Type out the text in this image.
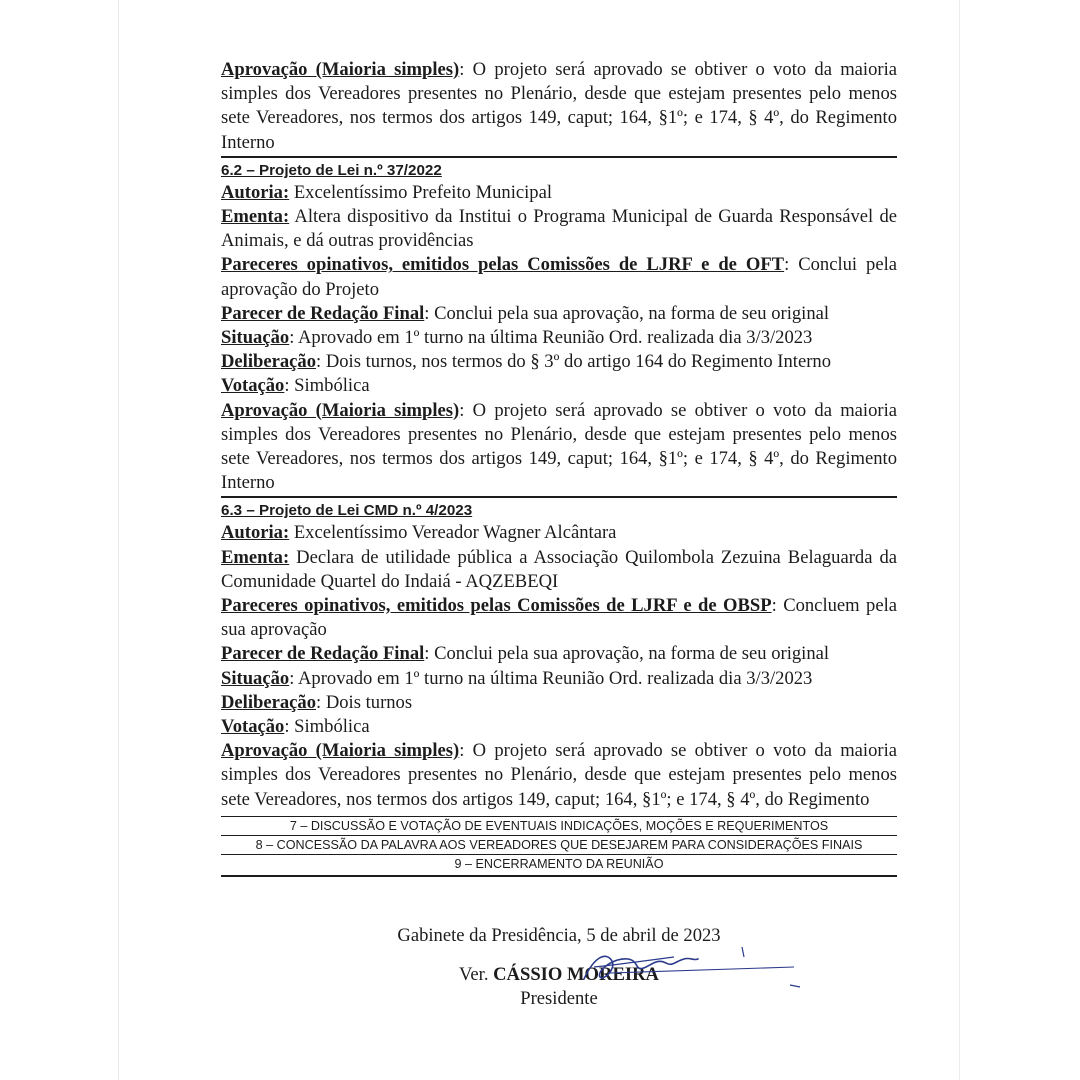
Aprovação (Maioria simples): O projeto será aprovado se obtiver o voto da maioria simples dos Vereadores presentes no Plenário, desde que estejam presentes pelo menos sete Vereadores, nos termos dos artigos 149, caput; 164, §1º; e 174, § 4º, do Regimento Interno

6.2 – Projeto de Lei n.º 37/2022

Autoria: Excelentíssimo Prefeito Municipal

Ementa: Altera dispositivo da Institui o Programa Municipal de Guarda Responsável de Animais, e dá outras providências

Pareceres opinativos, emitidos pelas Comissões de LJRF e de OFT: Conclui pela aprovação do Projeto

Parecer de Redação Final: Conclui pela sua aprovação, na forma de seu original

Situação: Aprovado em 1º turno na última Reunião Ord. realizada dia 3/3/2023

Deliberação: Dois turnos, nos termos do § 3º do artigo 164 do Regimento Interno

Votação: Simbólica

Aprovação (Maioria simples): O projeto será aprovado se obtiver o voto da maioria simples dos Vereadores presentes no Plenário, desde que estejam presentes pelo menos sete Vereadores, nos termos dos artigos 149, caput; 164, §1º; e 174, § 4º, do Regimento Interno

6.3 – Projeto de Lei CMD n.º 4/2023

Autoria: Excelentíssimo Vereador Wagner Alcântara

Ementa: Declara de utilidade pública a Associação Quilombola Zezuina Belaguarda da Comunidade Quartel do Indaiá - AQZEBEQI

Pareceres opinativos, emitidos pelas Comissões de LJRF e de OBSP: Concluem pela sua aprovação

Parecer de Redação Final: Conclui pela sua aprovação, na forma de seu original

Situação: Aprovado em 1º turno na última Reunião Ord. realizada dia 3/3/2023

Deliberação: Dois turnos

Votação: Simbólica

Aprovação (Maioria simples): O projeto será aprovado se obtiver o voto da maioria simples dos Vereadores presentes no Plenário, desde que estejam presentes pelo menos sete Vereadores, nos termos dos artigos 149, caput; 164, §1º; e 174, § 4º, do Regimento

7 – DISCUSSÃO E VOTAÇÃO DE EVENTUAIS INDICAÇÕES, MOÇÕES E REQUERIMENTOS
8 – CONCESSÃO DA PALAVRA AOS VEREADORES QUE DESEJAREM PARA CONSIDERAÇÕES FINAIS
9 – ENCERRAMENTO DA REUNIÃO
Gabinete da Presidência, 5 de abril de 2023
Ver. CÁSSIO MOREIRA
Presidente
